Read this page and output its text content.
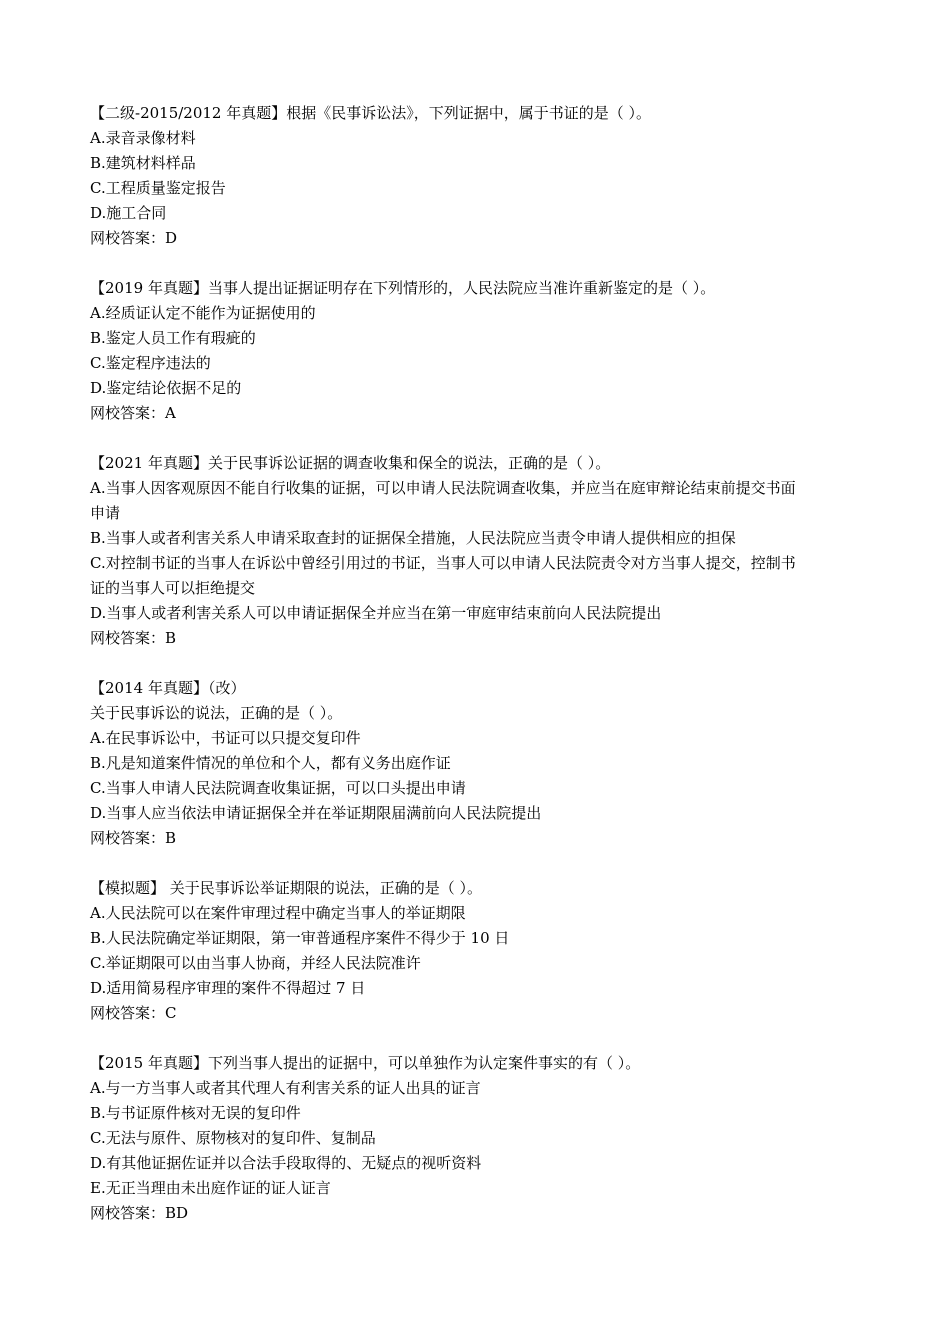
【二级-2015/2012 年真题】根据《民事诉讼法》，下列证据中，属于书证的是（ ）。
A.录音录像材料
B.建筑材料样品
C.工程质量鉴定报告
D.施工合同
网校答案：D
【2019 年真题】当事人提出证据证明存在下列情形的，人民法院应当准许重新鉴定的是（ ）。
A.经质证认定不能作为证据使用的
B.鉴定人员工作有瑕疵的
C.鉴定程序违法的
D.鉴定结论依据不足的
网校答案：A
【2021 年真题】关于民事诉讼证据的调查收集和保全的说法，正确的是（ ）。
A.当事人因客观原因不能自行收集的证据，可以申请人民法院调查收集，并应当在庭审辩论结束前提交书面
申请
B.当事人或者利害关系人申请采取查封的证据保全措施，人民法院应当责令申请人提供相应的担保
C.对控制书证的当事人在诉讼中曾经引用过的书证，当事人可以申请人民法院责令对方当事人提交，控制书
证的当事人可以拒绝提交
D.当事人或者利害关系人可以申请证据保全并应当在第一审庭审结束前向人民法院提出
网校答案：B
【2014 年真题】（改）
关于民事诉讼的说法，正确的是（ ）。
A.在民事诉讼中，书证可以只提交复印件
B.凡是知道案件情况的单位和个人，都有义务出庭作证
C.当事人申请人民法院调查收集证据，可以口头提出申请
D.当事人应当依法申请证据保全并在举证期限届满前向人民法院提出
网校答案：B
【模拟题】 关于民事诉讼举证期限的说法，正确的是（ ）。
A.人民法院可以在案件审理过程中确定当事人的举证期限
B.人民法院确定举证期限，第一审普通程序案件不得少于 10 日
C.举证期限可以由当事人协商，并经人民法院准许
D.适用简易程序审理的案件不得超过 7 日
网校答案：C
【2015 年真题】下列当事人提出的证据中，可以单独作为认定案件事实的有（ ）。
A.与一方当事人或者其代理人有利害关系的证人出具的证言
B.与书证原件核对无误的复印件
C.无法与原件、原物核对的复印件、复制品
D.有其他证据佐证并以合法手段取得的、无疑点的视听资料
E.无正当理由未出庭作证的证人证言
网校答案：BD
